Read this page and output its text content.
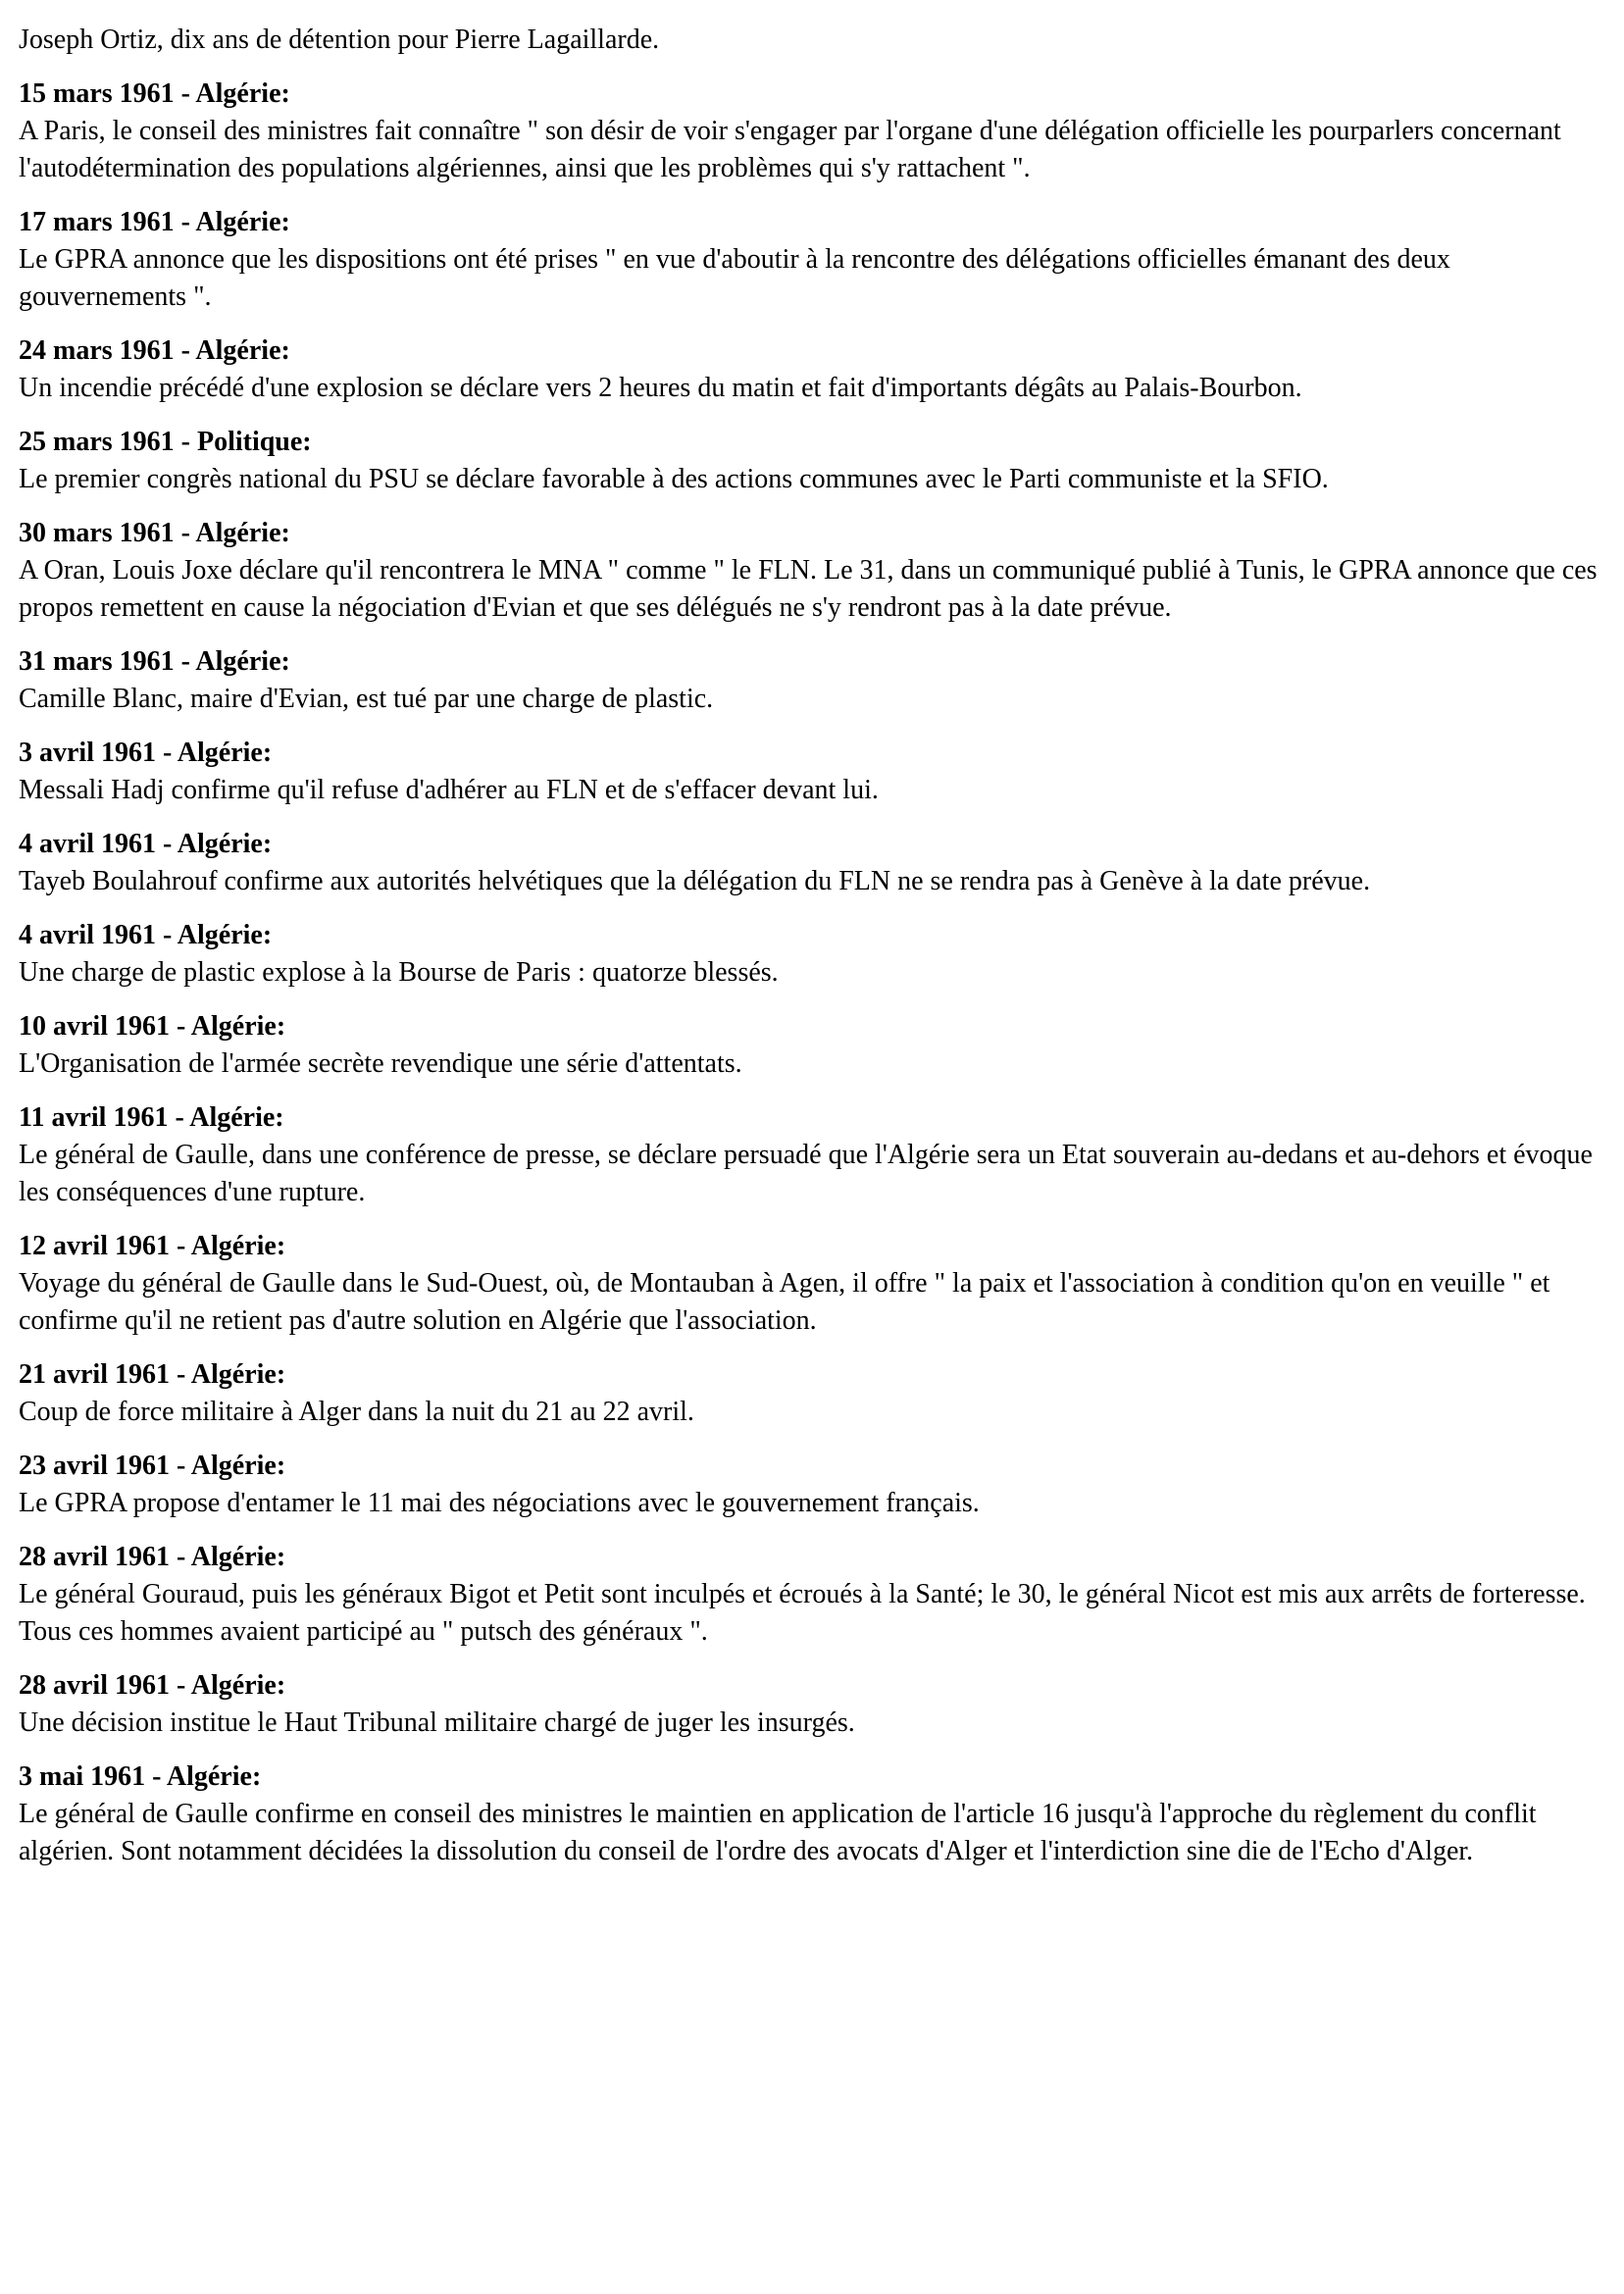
Joseph Ortiz, dix ans de détention pour Pierre Lagaillarde.
15 mars 1961 - Algérie:
A Paris, le conseil des ministres fait connaître " son désir de voir s'engager par l'organe d'une délégation officielle les pourparlers concernant l'autodétermination des populations algériennes, ainsi que les problèmes qui s'y rattachent ".
17 mars 1961 - Algérie:
Le GPRA annonce que les dispositions ont été prises " en vue d'aboutir à la rencontre des délégations officielles émanant des deux gouvernements ".
24 mars 1961 - Algérie:
Un incendie précédé d'une explosion se déclare vers 2 heures du matin et fait d'importants dégâts au Palais-Bourbon.
25 mars 1961 - Politique:
Le premier congrès national du PSU se déclare favorable à des actions communes avec le Parti communiste et la SFIO.
30 mars 1961 - Algérie:
A Oran, Louis Joxe déclare qu'il rencontrera le MNA " comme " le FLN. Le 31, dans un communiqué publié à Tunis, le GPRA annonce que ces propos remettent en cause la négociation d'Evian et que ses délégués ne s'y rendront pas à la date prévue.
31 mars 1961 - Algérie:
Camille Blanc, maire d'Evian, est tué par une charge de plastic.
3 avril 1961 - Algérie:
Messali Hadj confirme qu'il refuse d'adhérer au FLN et de s'effacer devant lui.
4 avril 1961 - Algérie:
Tayeb Boulahrouf confirme aux autorités helvétiques que la délégation du FLN ne se rendra pas à Genève à la date prévue.
4 avril 1961 - Algérie:
Une charge de plastic explose à la Bourse de Paris : quatorze blessés.
10 avril 1961 - Algérie:
L'Organisation de l'armée secrète revendique une série d'attentats.
11 avril 1961 - Algérie:
Le général de Gaulle, dans une conférence de presse, se déclare persuadé que l'Algérie sera un Etat souverain au-dedans et au-dehors et évoque les conséquences d'une rupture.
12 avril 1961 - Algérie:
Voyage du général de Gaulle dans le Sud-Ouest, où, de Montauban à Agen, il offre " la paix et l'association à condition qu'on en veuille " et confirme qu'il ne retient pas d'autre solution en Algérie que l'association.
21 avril 1961 - Algérie:
Coup de force militaire à Alger dans la nuit du 21 au 22 avril.
23 avril 1961 - Algérie:
Le GPRA propose d'entamer le 11 mai des négociations avec le gouvernement français.
28 avril 1961 - Algérie:
Le général Gouraud, puis les généraux Bigot et Petit sont inculpés et écroués à la Santé; le 30, le général Nicot est mis aux arrêts de forteresse. Tous ces hommes avaient participé au " putsch des généraux ".
28 avril 1961 - Algérie:
Une décision institue le Haut Tribunal militaire chargé de juger les insurgés.
3 mai 1961 - Algérie:
Le général de Gaulle confirme en conseil des ministres le maintien en application de l'article 16 jusqu'à l'approche du règlement du conflit algérien. Sont notamment décidées la dissolution du conseil de l'ordre des avocats d'Alger et l'interdiction sine die de l'Echo d'Alger.
